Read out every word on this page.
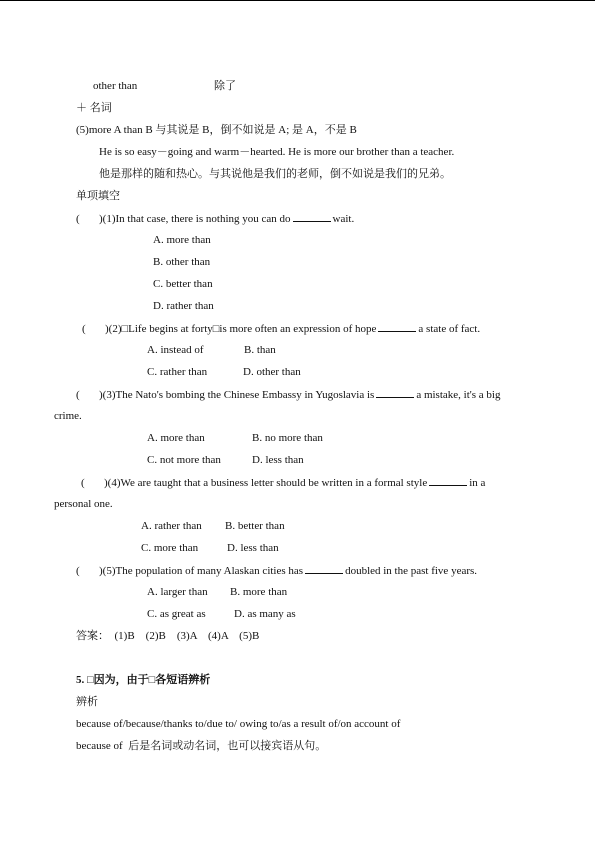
other than	除了
＋ 名词
(5)more A than B 与其说是 B，倒不如说是 A; 是 A，不是 B
He is so easy－going and warm－hearted. He is more our brother than a teacher.
他是那样的随和热心。与其说他是我们的老师，倒不如说是我们的兄弟。
单项填空
( )(1)In that case, there is nothing you can do	wait.
A. more than
B. other than
C. better than
D. rather than
( )(2)□Life begins at forty□is more often an expression of hope	a state of fact.
A. instead of	B. than
C. rather than	D. other than
( )(3)The Nato's bombing the Chinese Embassy in Yugoslavia is	a mistake, it's a big
crime.
A. more than	B. no more than
C. not more than	D. less than
( )(4)We are taught that a business letter should be written in a formal style	in a
personal one.
A. rather than B. better than
C. more than	D. less than
( )(5)The population of many Alaskan cities has	doubled in the past five years.
A. larger than B. more than
C. as great as	D. as many as
答案：  (1)B    (2)B    (3)A    (4)A    (5)B
5. □因为，由于□各短语辨析
辨析
because of/because/thanks to/due to/ owing to/as a result of/on account of
because of  后是名词或动名词，也可以接宾语从句。
